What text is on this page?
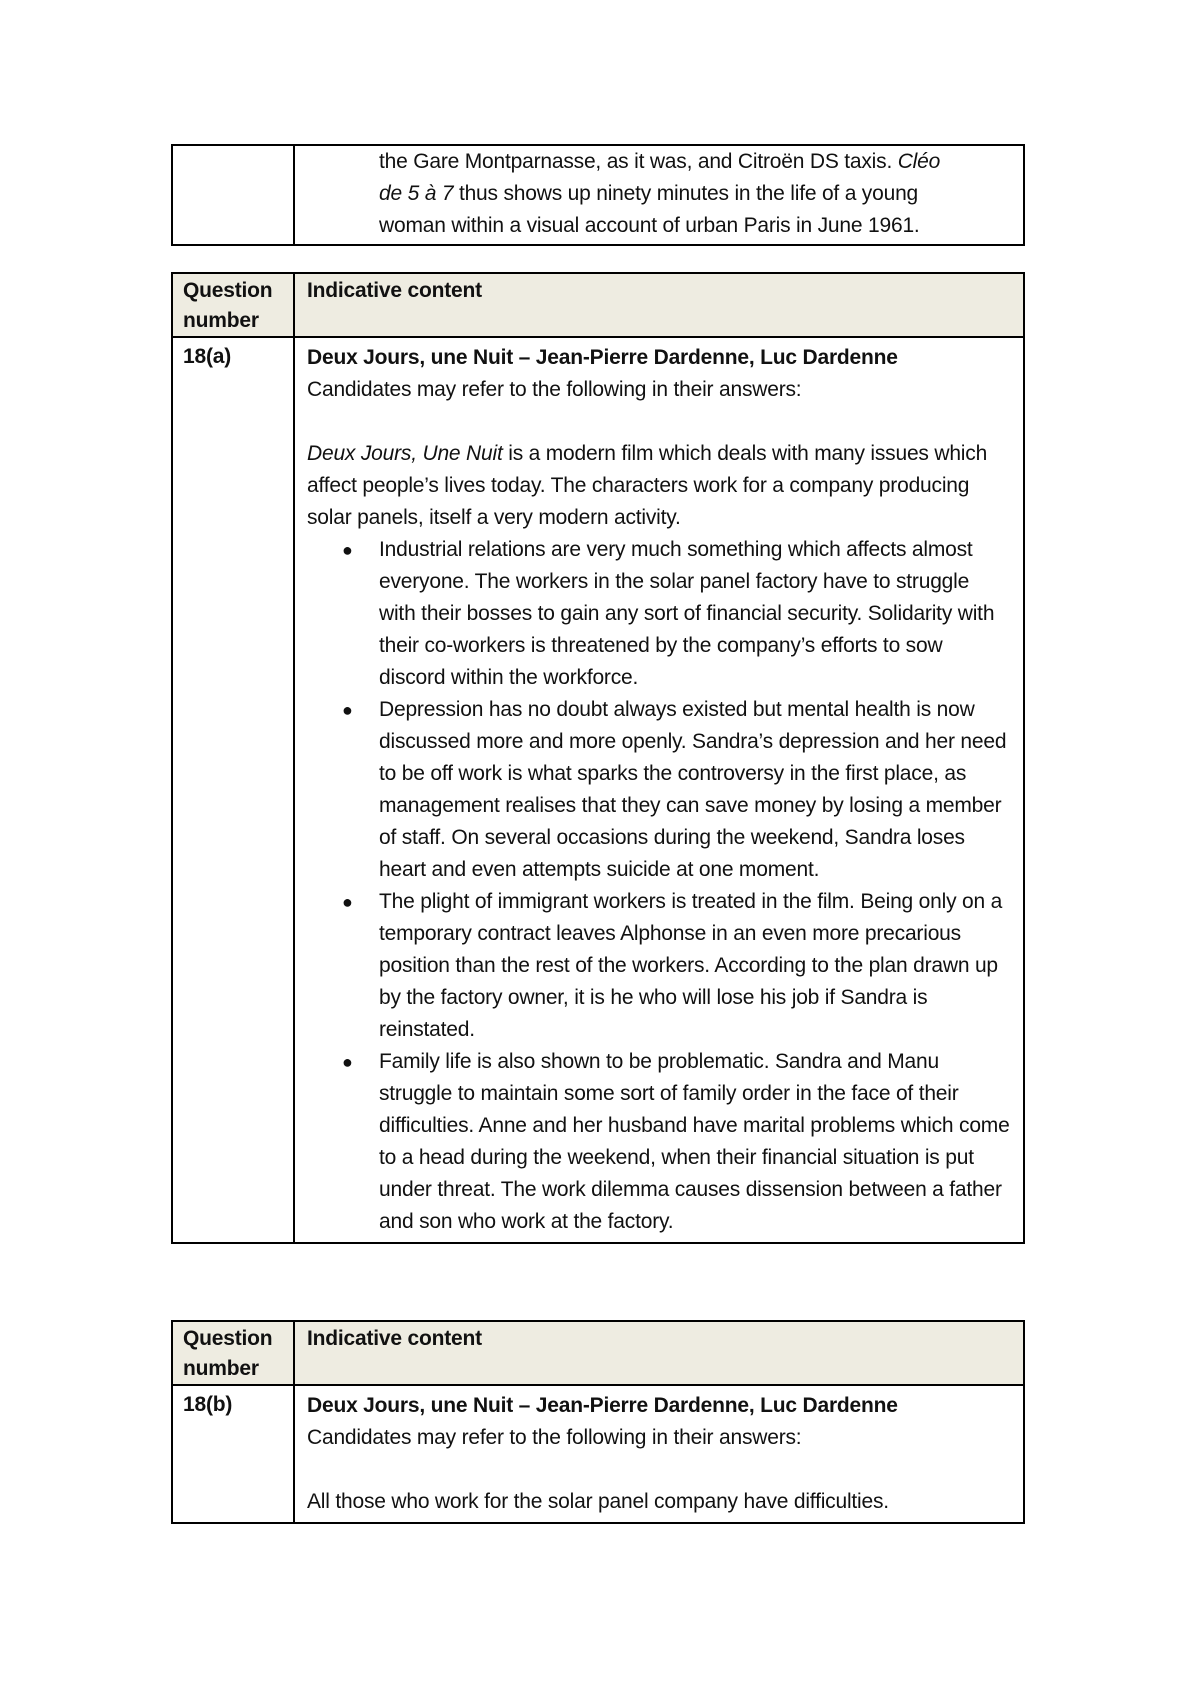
the Gare Montparnasse, as it was, and Citroën DS taxis. Cléo
de 5 à 7 thus shows up ninety minutes in the life of a young
woman within a visual account of urban Paris in June 1961.
Question number	Indicative content
18(a)	Deux Jours, une Nuit – Jean-Pierre Dardenne, Luc Dardenne
Candidates may refer to the following in their answers:

Deux Jours, Une Nuit is a modern film which deals with many issues which affect people’s lives today. The characters work for a company producing solar panels, itself a very modern activity.

● Industrial relations are very much something which affects almost everyone. The workers in the solar panel factory have to struggle with their bosses to gain any sort of financial security. Solidarity with their co-workers is threatened by the company’s efforts to sow discord within the workforce.
● Depression has no doubt always existed but mental health is now discussed more and more openly. Sandra’s depression and her need to be off work is what sparks the controversy in the first place, as management realises that they can save money by losing a member of staff. On several occasions during the weekend, Sandra loses heart and even attempts suicide at one moment.
● The plight of immigrant workers is treated in the film. Being only on a temporary contract leaves Alphonse in an even more precarious position than the rest of the workers. According to the plan drawn up by the factory owner, it is he who will lose his job if Sandra is reinstated.
● Family life is also shown to be problematic. Sandra and Manu struggle to maintain some sort of family order in the face of their difficulties. Anne and her husband have marital problems which come to a head during the weekend, when their financial situation is put under threat. The work dilemma causes dissension between a father and son who work at the factory.
Question number	Indicative content
18(b)	Deux Jours, une Nuit – Jean-Pierre Dardenne, Luc Dardenne
Candidates may refer to the following in their answers:

All those who work for the solar panel company have difficulties.
